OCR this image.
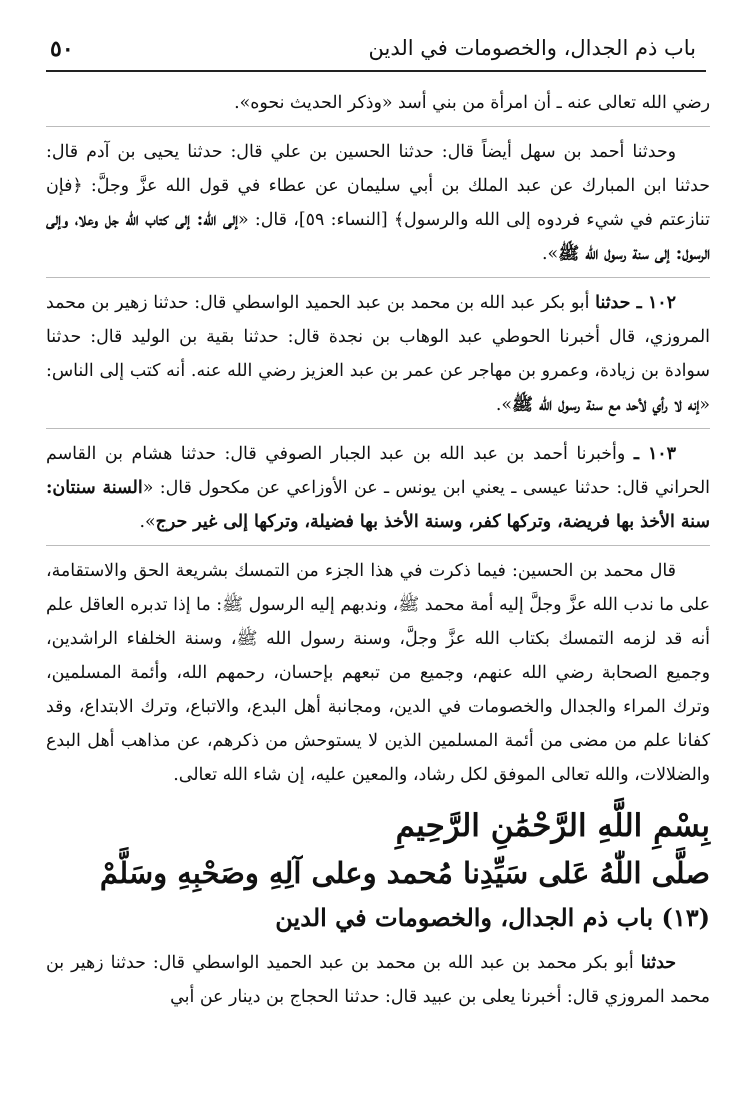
باب ذم الجدال، والخصومات في الدين
٥٠

رضي الله تعالى عنه ـ أن امرأة من بني أسد «وذكر الحديث نحوه».

وحدثنا أحمد بن سهل أيضاً قال: حدثنا الحسين بن علي قال: حدثنا يحيى بن آدم قال: حدثنا ابن المبارك عن عبد الملك بن أبي سليمان عن عطاء في قول الله عزَّ وجلَّ: ﴿فإن تنازعتم في شيء فردوه إلى الله والرسول﴾ [النساء: ٥٩]، قال: «إلى الله: إلى كتاب الله جل وعلا، وإلى الرسول: إلى سنة رسول الله ﷺ».

١٠٢ ـ حدثنا أبو بكر عبد الله بن محمد بن عبد الحميد الواسطي قال: حدثنا زهير بن محمد المروزي، قال أخبرنا الحوطي عبد الوهاب بن نجدة قال: حدثنا بقية بن الوليد قال: حدثنا سوادة بن زيادة، وعمرو بن مهاجر عن عمر بن عبد العزيز رضي الله عنه. أنه كتب إلى الناس: «إنه لا رأي لأحد مع سنة رسول الله ﷺ».

١٠٣ ـ وأخبرنا أحمد بن عبد الله بن عبد الجبار الصوفي قال: حدثنا هشام بن القاسم الحراني قال: حدثنا عيسى ـ يعني ابن يونس ـ عن الأوزاعي عن مكحول قال: «السنة سنتان: سنة الأخذ بها فريضة، وتركها كفر، وسنة الأخذ بها فضيلة، وتركها إلى غير حرج».

قال محمد بن الحسين: فيما ذكرت في هذا الجزء من التمسك بشريعة الحق والاستقامة، على ما ندب الله عزَّ وجلَّ إليه أمة محمد ﷺ، وندبهم إليه الرسول ﷺ: ما إذا تدبره العاقل علم أنه قد لزمه التمسك بكتاب الله عزَّ وجلَّ، وسنة رسول الله ﷺ، وسنة الخلفاء الراشدين، وجميع الصحابة رضي الله عنهم، وجميع من تبعهم بإحسان، رحمهم الله، وأئمة المسلمين، وترك المراء والجدال والخصومات في الدين، ومجانبة أهل البدع، والاتباع، وترك الابتداع، وقد كفانا علم من مضى من أئمة المسلمين الذين لا يستوحش من ذكرهم، عن مذاهب أهل البدع والضلالات، والله تعالى الموفق لكل رشاد، والمعين عليه، إن شاء الله تعالى.

بِسْمِ اللَّهِ الرَّحْمَٰنِ الرَّحِيمِ

صلَّى اللّٰهُ عَلى سَيِّدِنا مُحمد وعلى آلِهِ وصَحْبِهِ وسَلَّمْ

(١٣) باب ذم الجدال، والخصومات في الدين

حدثنا أبو بكر محمد بن عبد الله بن محمد بن عبد الحميد الواسطي قال: حدثنا زهير بن محمد المروزي قال: أخبرنا يعلى بن عبيد قال: حدثنا الحجاج بن دينار عن أبي
